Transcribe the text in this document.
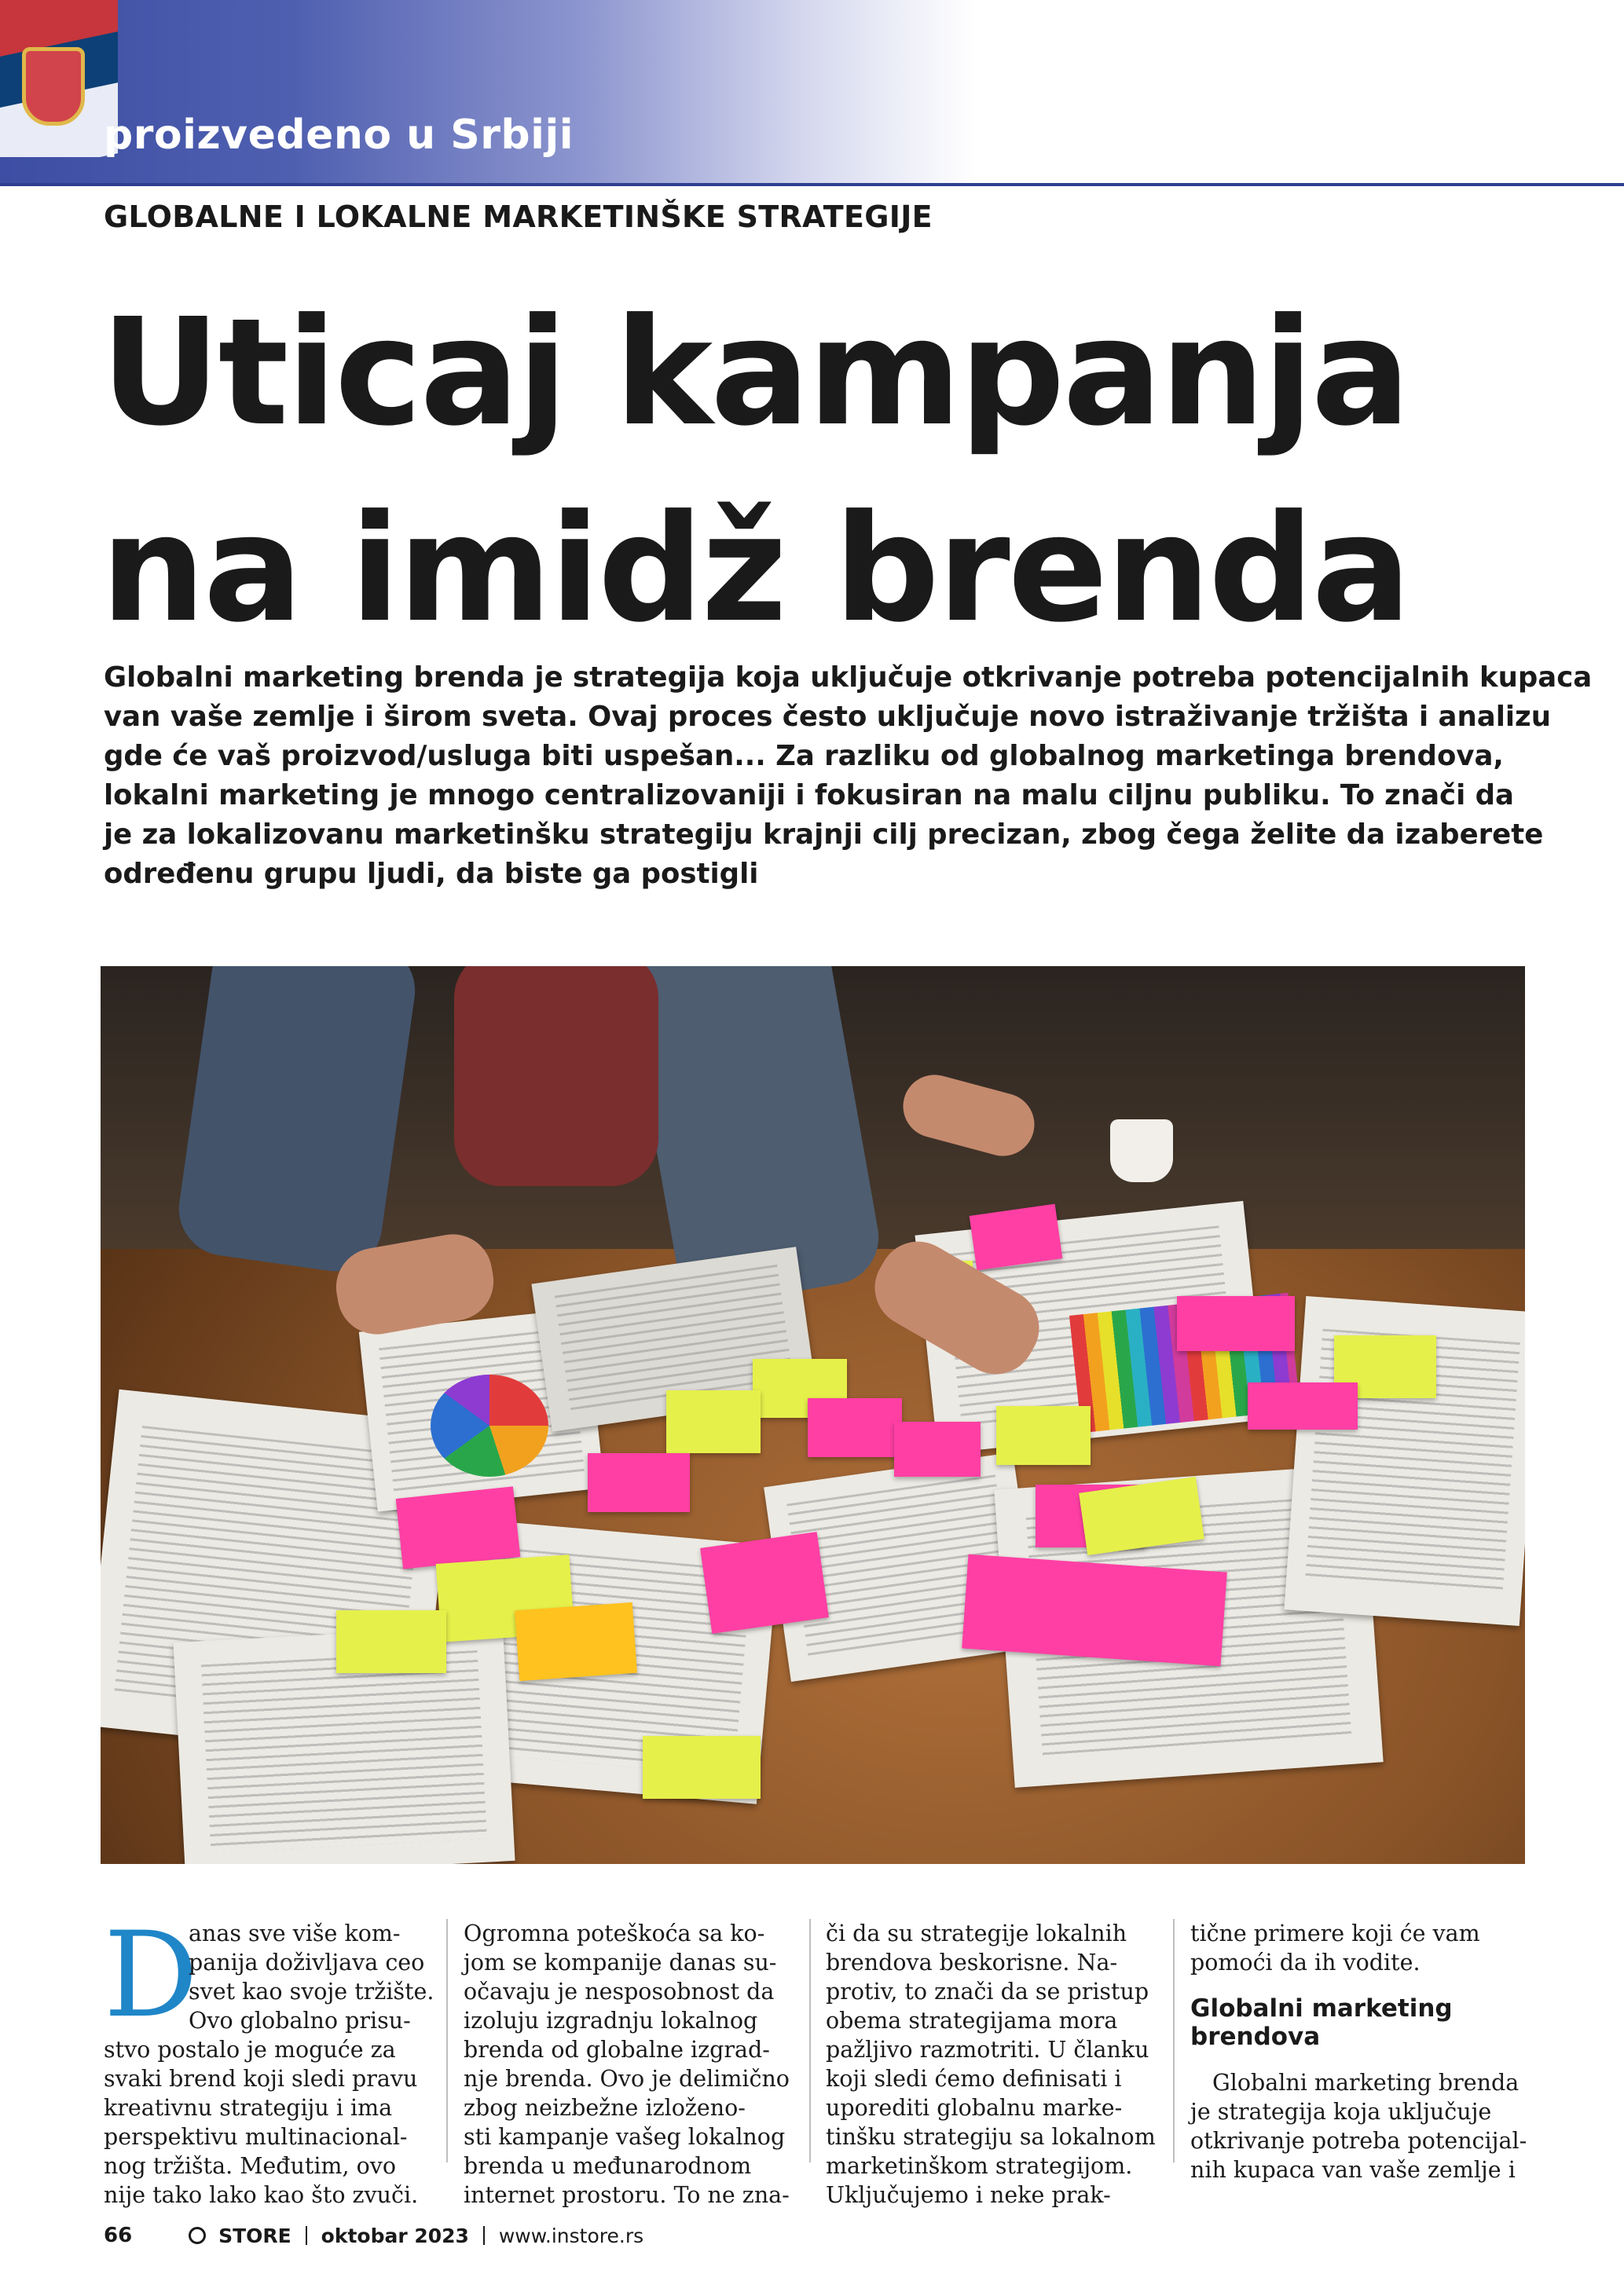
proizvedeno u Srbiji
GLOBALNE I LOKALNE MARKETINŠKE STRATEGIJE
Uticaj kampanja
na imidž brenda
Globalni marketing brenda je strategija koja uključuje otkrivanje potreba potencijalnih kupaca
van vaše zemlje i širom sveta. Ovaj proces često uključuje novo istraživanje tržišta i analizu
gde će vaš proizvod/usluga biti uspešan... Za razliku od globalnog marketinga brendova,
lokalni marketing je mnogo centralizovaniji i fokusiran na malu ciljnu publiku. To znači da
je za lokalizovanu marketinšku strategiju krajnji cilj precizan, zbog čega želite da izaberete
određenu grupu ljudi, da biste ga postigli
D
anas sve više kom-
panija doživljava ceo
svet kao svoje tržište.
Ovo globalno prisu-
stvo postalo je moguće za
svaki brend koji sledi pravu
kreativnu strategiju i ima
perspektivu multinacional-
nog tržišta. Međutim, ovo
nije tako lako kao što zvuči.
Ogromna poteškoća sa ko-
jom se kompanije danas su-
očavaju je nesposobnost da
izoluju izgradnju lokalnog
brenda od globalne izgrad-
nje brenda. Ovo je delimično
zbog neizbežne izloženo-
sti kampanje vašeg lokalnog
brenda u međunarodnom
internet prostoru. To ne zna-
či da su strategije lokalnih
brendova beskorisne. Na-
protiv, to znači da se pristup
obema strategijama mora
pažljivo razmotriti. U članku
koji sledi ćemo definisati i
uporediti globalnu marke-
tinšku strategiju sa lokalnom
marketinškom strategijom.
Uključujemo i neke prak-
tične primere koji će vam
pomoći da ih vodite.
Globalni marketing
brendova
Globalni marketing brenda
je strategija koja uključuje
otkrivanje potreba potencijal-
nih kupaca van vaše zemlje i
66	STORE oktobar 2023 www.instore.rs
